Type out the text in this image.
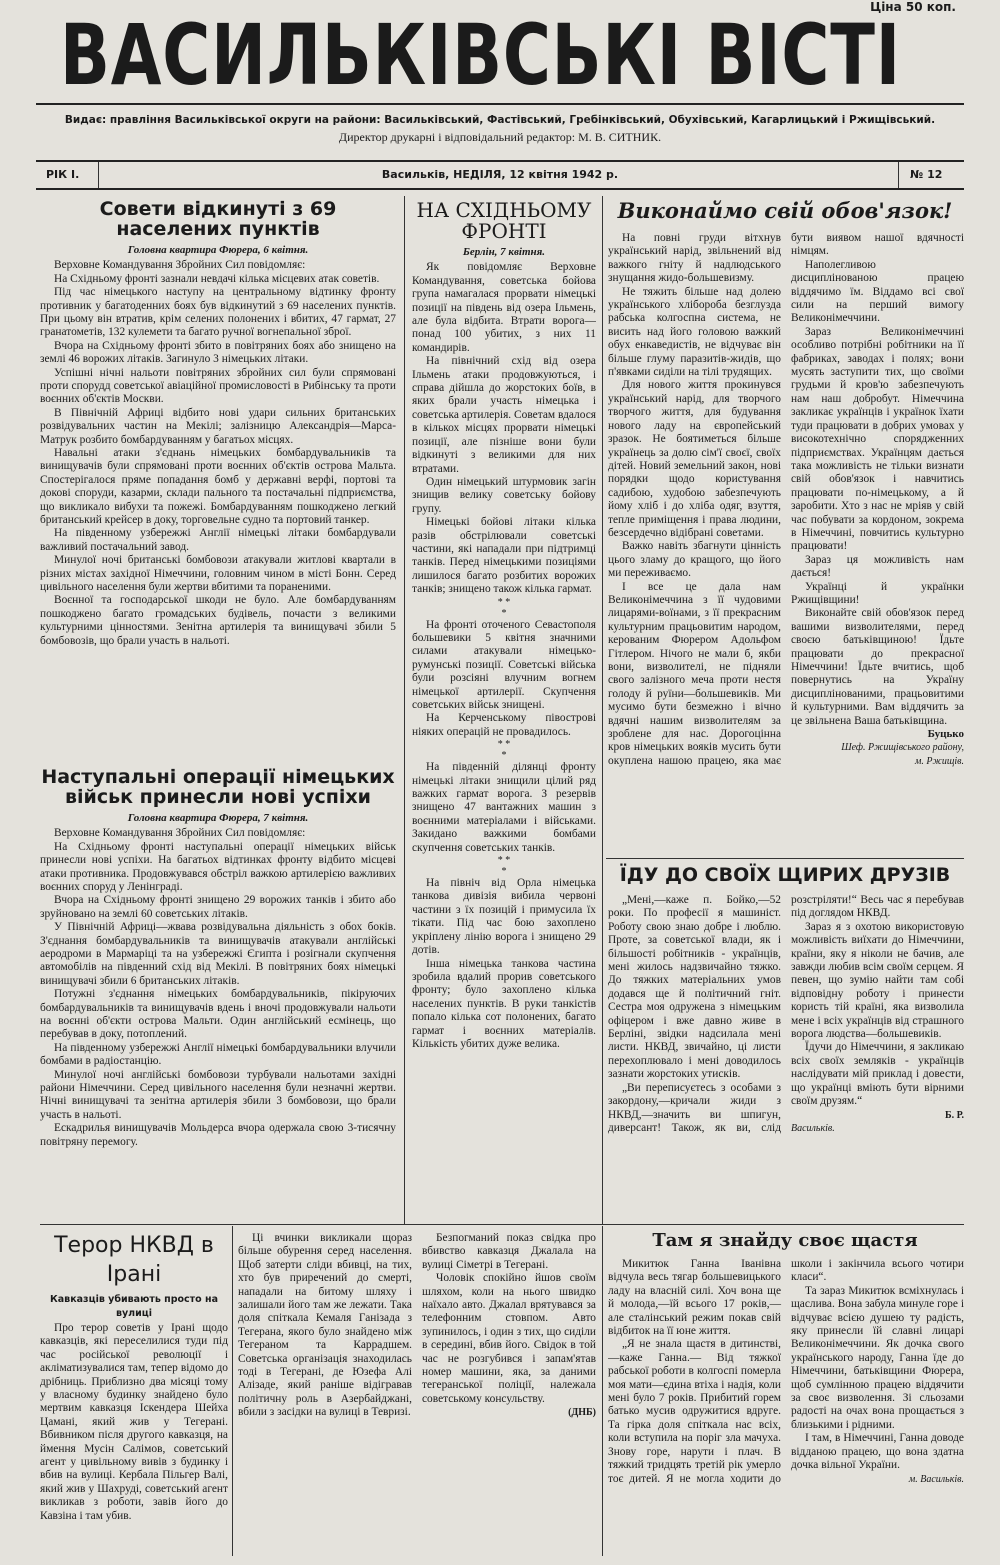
Ціна 50 коп.
ВАСИЛЬКІВСЬКІ ВІСТІ
Видає: правління Васильківської округи на райони: Васильківський, Фастівський, Гребінківський, Обухівський, Кагарлицький і Ржищівський.
Директор друкарні і відповідальний редактор: М. В. СИТНИК.
РІК І.	Васильків, НЕДІЛЯ, 12 квітня 1942 р.	№ 12
Совети відкинуті з 69 населених пунктів
Головна квартира Фюрера, 6 квітня.

Верховне Командування Збройних Сил повідомляє:

На Східньому фронті зазнали невдачі кілька місцевих атак советів.

Під час німецького наступу на центральному відтинку фронту противник у багатоденних боях був відкинутий з 69 населених пунктів. При цьому він втратив, крім селених полонених і вбитих, 47 гармат, 27 гранатометів, 132 кулемети та багато ручної вогнепальної зброї.

Вчора на Східньому фронті збито в повітряних боях або знищено на землі 46 ворожих літаків. Загинуло 3 німецьких літаки.

Успішні нічні нальоти повітряних збройних сил були спрямовані проти спорудд советської авіаційної промисловості в Рибінську та проти воєнних об'єктів Москви.

В Північній Африці відбито нові удари сильних британських розвідувальних частин на Мекілі; залізницю Александрія—Марса-Матрук розбито бомбардуванням у багатьох місцях.

Навальні атаки з'єднань німецьких бомбардувальників та винищувачів були спрямовані проти воєнних об'єктів острова Мальта. Спостерігалося пряме попадання бомб у державні верфі, портові та докові споруди, казарми, склади пального та постачальні підприємства, що викликало вибухи та пожежі. Бомбардуванням пошкоджено легкий британський крейсер в доку, торговельне судно та портовий танкер.

На південному узбережжі Англії німецькі літаки бомбардували важливий постачальний завод.

Минулої ночі британські бомбовози атакували житлові квартали в різних містах західної Німеччини, головним чином в місті Бонн. Серед цивільного населення були жертви вбитими та пораненими.

Воєнної та господарської шкоди не було. Але бомбардуванням пошкоджено багато громадських будівель, почасти з великими культурними цінностями. Зенітна артилерія та винищувачі збили 5 бомбовозів, що брали участь в нальоті.

Наступальні операції німецьких військ принесли нові успіхи
Головна квартира Фюрера, 7 квітня.

Верховне Командування Збройних Сил повідомляє:

На Східньому фронті наступальні операції німецьких військ принесли нові успіхи. На багатьох відтинках фронту відбито місцеві атаки противника. Продовжувався обстріл важкою артилерією важливих воєнних споруд у Ленінграді.

Вчора на Східньому фронті знищено 29 ворожих танків і збито або зруйновано на землі 60 советських літаків.

У Північній Африці—жвава розвідувальна діяльність з обох боків. З'єднання бомбардувальників та винищувачів атакували англійські аеродроми в Мармаріці та на узбережжі Єгипта і розігнали скупчення автомобілів на південний схід від Мекілі. В повітряних боях німецькі винищувачі збили 6 британських літаків.

Потужні з'єднання німецьких бомбардувальників, пікіруючих бомбардувальників та винищувачів вдень і вночі продовжували нальоти на воєнні об'єкти острова Мальти. Один англійський есмінець, що перебував в доку, потоплений.

На південному узбережжі Англії німецькі бомбардувальники влучили бомбами в радіостанцію.

Минулої ночі англійські бомбовози турбували нальотами західні райони Німеччини. Серед цивільного населення були незначні жертви. Нічні винищувачі та зенітна артилерія збили 3 бомбовози, що брали участь в нальоті.

Ескадрилья винищувачів Мольдерса вчора одержала свою 3-тисячну повітряну перемогу.

НА СХІДНЬОМУ ФРОНТІ
Берлін, 7 квітня.

Як повідомляє Верховне Командування, советська бойова група намагалася прорвати німецькі позиції на південь від озера Ільмень, але була відбита. Втрати ворога—понад 100 убитих, з них 11 командирів.

На північний схід від озера Ільмень атаки продовжуються, і справа дійшла до жорстоких боїв, в яких брали участь німецька і советська артилерія. Советам вдалося в кількох місцях прорвати німецькі позиції, але пізніше вони були відкинуті з великими для них втратами.

Один німецький штурмовик загін знищив велику советську бойову групу.

Німецькі бойові літаки кілька разів обстрілювали советські частини, які нападали при підтримці танків. Перед німецькими позиціями лишилося багато розбитих ворожих танків; знищено також кілька гармат.

* *
*

На фронті оточеного Севастополя большевики 5 квітня значними силами атакували німецько-румунські позиції. Советські війська були розсіяні влучним вогнем німецької артилерії. Скупчення советських військ знищені.

На Керченському півострові ніяких операцій не провадилось.

* *
*

На південній ділянці фронту німецькі літаки знищили цілий ряд важких гармат ворога. З резервів знищено 47 вантажних машин з воєнними матеріалами і військами. Закидано важкими бомбами скупчення советських танків.

* *
*

На північ від Орла німецька танкова дивізія вибила червоні частини з їх позицій і примусила їх тікати. Під час бою захоплено укріплену лінію ворога і знищено 29 дотів.

Інша німецька танкова частина зробила вдалий прорив советського фронту; було захоплено кілька населених пунктів. В руки танкістів попало кілька сот полонених, багато гармат і воєнних матеріалів. Кількість убитих дуже велика.

Виконаймо свій обов'язок!

На повні груди вітхнув український нарід, звільнений від важкого гніту й надлюдського знущання жидо-большевизму.

Не тяжить більше над долею українського хлібороба безглузда рабська колгоспна система, не висить над його головою важкий обух енкаведистів, не відчуває він більше глуму паразитів-жидів, що п'явками сиділи на тілі трудящих.

Для нового життя прокинувся український нарід, для творчого творчого життя, для будування нового ладу на європейський зразок. Не боятиметься більше українець за долю сім'ї своєї, своїх дітей. Новий земельний закон, нові порядки щодо користування садибою, худобою забезпечують йому хліб і до хліба одяг, взуття, тепле приміщення і права людини, безсердечно відібрані советами.

Важко навіть збагнути цінність цього зламу до кращого, що його ми переживаємо.

І все це дала нам Великонімеччина з її чудовими лицарями-воїнами, з її прекрасним культурним працьовитим народом, керованим Фюрером Адольфом Гітлером. Нічого не мали б, якби вони, визволителі, не підняли свого залізного меча проти нестя голоду й руїни—большевиків. Ми мусимо бути безмежно і вічно вдячні нашим визволителям за зроблене для нас. Дорогоцінна кров німецьких вояків мусить бути окуплена нашою працею, яка має бути виявом нашої вдячності німцям.

Наполегливою дисциплінованою працею віддячимо їм. Віддамо всі свої сили на перший вимогу Великонімеччини.

Зараз Великонімеччині особливо потрібні робітники на її фабриках, заводах і полях; вони мусять заступити тих, що своїми грудьми й кров'ю забезпечують нам наш добробут. Німеччина закликає українців і українок їхати туди працювати в добрих умовах у високотехнічно спорядженних підприємствах. Українцям дається така можливість не тільки визнати свій обов'язок і навчитись працювати по-німецькому, а й заробити. Хто з нас не мріяв у свій час побувати за кордоном, зокрема в Німеччині, повчитись культурно працювати!

Зараз ця можливість нам дається!

Українці й українки Ржищівщини!

Виконайте свій обов'язок перед вашими визволителями, перед своєю батьківщиною! Їдьте працювати до прекрасної Німеччини! Їдьте вчитись, щоб повернутись на Україну дисциплінованими, працьовитими й культурними. Вам віддячить за це звільнена Ваша батьківщина.

Буцько
Шеф. Ржищівського району,
м. Ржищів.
ЇДУ ДО СВОЇХ ЩИРИХ ДРУЗІВ

„Мені,—каже п. Бойко,—52 роки. По професії я машиніст. Роботу свою знаю добре і люблю. Проте, за советської влади, як і більшості робітників - українців, мені жилось надзвичайно тяжко. До тяжких матеріальних умов додався ще й політичний гніт. Сестра моя одружена з німецьким офіцером і вже давно живе в Берліні, звідки надсилала мені листи. НКВД, звичайно, ці листи перехоплювало і мені доводилось зазнати жорстоких утисків.

„Ви переписуєтесь з особами з закордону,—кричали жиди з НКВД,—значить ви шпигун, диверсант! Також, як ви, слід розстріляти!“ Весь час я перебував під доглядом НКВД.

Зараз я з охотою використовую можливість виїхати до Німеччини, країни, яку я ніколи не бачив, але завжди любив всім своїм серцем. Я певен, що зумію найти там собі відповідну роботу і принести користь тій країні, яка визволила мене і всіх українців від страшного ворога людства—большевиків.

Їдучи до Німеччини, я закликаю всіх своїх земляків - українців наслідувати мій приклад і довести, що українці вміють бути вірними своїм друзям.“

Б. Р.
Васильків.
Терор НКВД в Ірані
Кавказців убивають просто на вулиці

Про терор советів у Ірані щодо кавказців, які переселилися туди під час російської революції і акліматизувалися там, тепер відомо до дрібниць. Приблизно два місяці тому у власному будинку знайдено було мертвим кавказця Іскендера Шейха Цамані, який жив у Тегерані. Вбивником після другого кавказця, на ймення Мусін Салімов, советський агент у цивільному вивів з будинку і вбив на вулиці. Кербала Пільгер Валі, який жив у Шахруді, советський агент викликав з роботи, завів його до Кавзіна і там убив.

Ці вчинки викликали щораз більше обурення серед населення. Щоб затерти сліди вбивці, на тих, хто був приречений до смерті, нападали на битому шляху і залишали його там же лежати. Така доля спіткала Кемаля Ганізада з Тегерана, якого було знайдено між Тегераном та Каррадшем. Советська організація знаходилась тоді в Тегерані, де Юзефа Алі Алізаде, який раніше відігравав політичну роль в Азербайджані, вбили з засідки на вулиці в Тевризі.

Безпогманий показ свідка про вбивство кавказця Джалала на вулиці Сіметрі в Тегерані.

Чоловік спокійно йшов своїм шляхом, коли на нього швидко наїхало авто. Джалал врятувався за телефонним стовпом. Авто зупинилось, і один з тих, що сиділи в середині, вбив його. Свідок в той час не розгубився і запам'ятав номер машини, яка, за даними тегеранської поліції, належала советському консульству.

(ДНБ)
Там я знайду своє щастя

Микитюк Ганна Іванівна відчула весь тягар большевицького ладу на власній силі. Хоч вона ще й молода,—їй всього 17 років,—але сталінський режим покав свій відбиток на її юне життя.

„Я не знала щастя в дитинстві,—каже Ганна.— Від тяжкої рабської роботи в колгоспі померла моя мати—єдина втіха і надія, коли мені було 7 років. Прибитий горем батько мусив одружитися вдруге. Та гірка доля спіткала нас всіх, коли вступила на поріг зла мачуха. Знову горе, нарути і плач. В тяжкий тридцять третій рік умерло тоє дитей. Я не могла ходити до школи і закінчила всього чотири класи“.

Та зараз Микитюк всміхнулась і щаслива. Вона забула минуле горе і відчуває всією душею ту радість, яку принесли їй славні лицарі Великонімеччини. Як дочка свого українського народу, Ганна їде до Німеччини, батьківщини Фюрера, щоб сумлінною працею віддячити за своє визволення. Зі сльозами радості на очах вона прощається з близькими і рідними.

І там, в Німеччині, Ганна доводе відданою працею, що вона здатна дочка вільної України.

м. Васильків.
